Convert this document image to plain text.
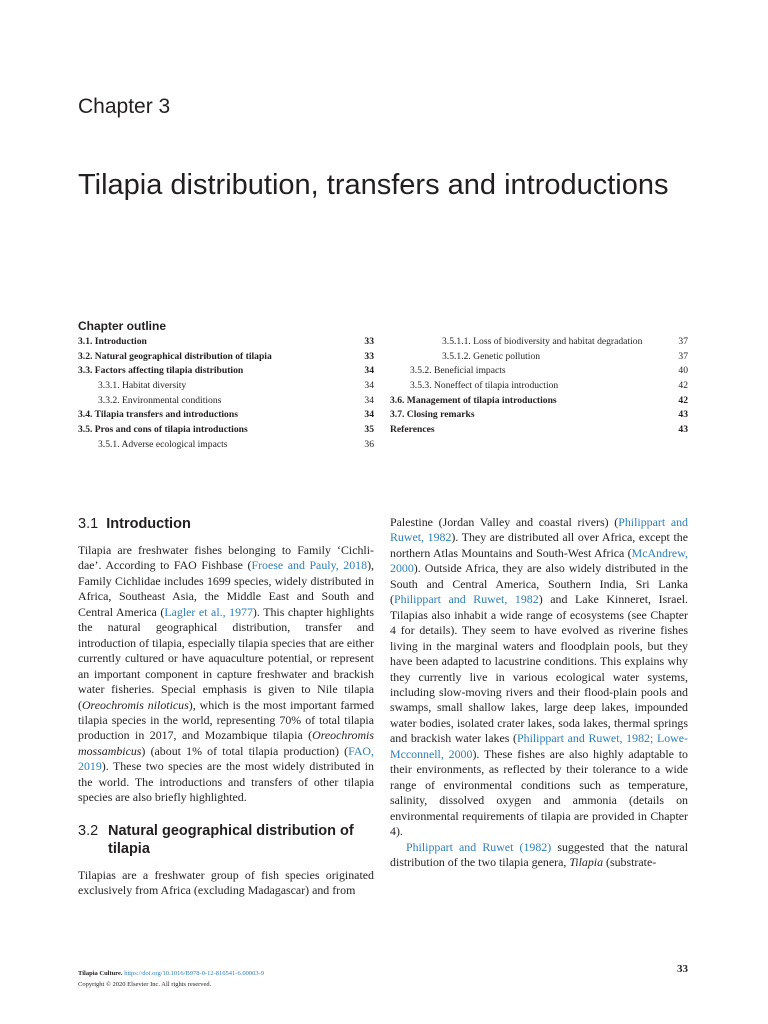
Chapter 3
Tilapia distribution, transfers and introductions
Chapter outline
3.1. Introduction	33
3.2. Natural geographical distribution of tilapia	33
3.3. Factors affecting tilapia distribution	34
3.3.1. Habitat diversity	34
3.3.2. Environmental conditions	34
3.4. Tilapia transfers and introductions	34
3.5. Pros and cons of tilapia introductions	35
3.5.1. Adverse ecological impacts	36
3.5.1.1. Loss of biodiversity and habitat degradation	37
3.5.1.2. Genetic pollution	37
3.5.2. Beneficial impacts	40
3.5.3. Noneffect of tilapia introduction	42
3.6. Management of tilapia introductions	42
3.7. Closing remarks	43
References	43
3.1 Introduction

Tilapia are freshwater fishes belonging to Family ‘Cichli-dae’. According to FAO Fishbase (Froese and Pauly, 2018), Family Cichlidae includes 1699 species, widely distributed in Africa, Southeast Asia, the Middle East and South and Central America (Lagler et al., 1977). This chapter highlights the natural geographical distribution, transfer and introduction of tilapia, especially tilapia species that are either currently cultured or have aquaculture potential, or represent an important component in capture freshwater and brackish water fisheries. Special emphasis is given to Nile tilapia (Oreochromis niloticus), which is the most important farmed tilapia species in the world, representing 70% of total tilapia production in 2017, and Mozambique tilapia (Oreochromis mossambicus) (about 1% of total tilapia production) (FAO, 2019). These two species are the most widely distributed in the world. The introductions and transfers of other tilapia species are also briefly highlighted.

3.2 Natural geographical distribution of tilapia

Tilapias are a freshwater group of fish species originated exclusively from Africa (excluding Madagascar) and from

Palestine (Jordan Valley and coastal rivers) (Philippart and Ruwet, 1982). They are distributed all over Africa, except the northern Atlas Mountains and South-West Africa (McAndrew, 2000). Outside Africa, they are also widely distributed in the South and Central America, Southern India, Sri Lanka (Philippart and Ruwet, 1982) and Lake Kinneret, Israel. Tilapias also inhabit a wide range of ecosystems (see Chapter 4 for details). They seem to have evolved as riverine fishes living in the marginal waters and floodplain pools, but they have been adapted to lacustrine conditions. This explains why they currently live in various ecological water systems, including slow-moving rivers and their flood-plain pools and swamps, small shallow lakes, large deep lakes, impounded water bodies, isolated crater lakes, soda lakes, thermal springs and brackish water lakes (Philippart and Ruwet, 1982; Lowe-Mcconnell, 2000). These fishes are also highly adaptable to their environments, as reflected by their tolerance to a wide range of environmental conditions such as temperature, salinity, dissolved oxygen and ammonia (details on environmental requirements of tilapia are provided in Chapter 4).

Philippart and Ruwet (1982) suggested that the natural distribution of the two tilapia genera, Tilapia (substrate-

Tilapia Culture. https://doi.org/10.1016/B978-0-12-816541-6.00003-9
Copyright © 2020 Elsevier Inc. All rights reserved.
33
